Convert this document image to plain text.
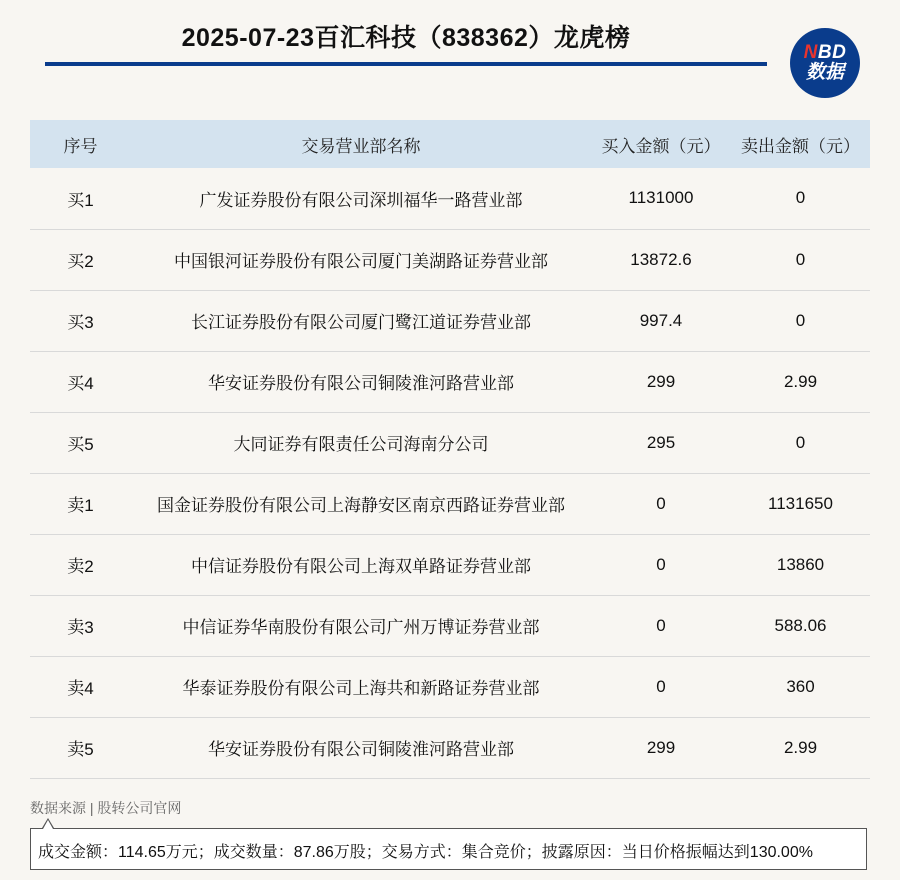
2025-07-23百汇科技（838362）龙虎榜
NBD
数据
序号	交易营业部名称	买入金额（元）	卖出金额（元）
买1	广发证券股份有限公司深圳福华一路营业部	1131000	0
买2	中国银河证券股份有限公司厦门美湖路证券营业部	13872.6	0
买3	长江证券股份有限公司厦门鹭江道证券营业部	997.4	0
买4	华安证券股份有限公司铜陵淮河路营业部	299	2.99
买5	大同证券有限责任公司海南分公司	295	0
卖1	国金证券股份有限公司上海静安区南京西路证券营业部	0	1131650
卖2	中信证券股份有限公司上海双单路证券营业部	0	13860
卖3	中信证券华南股份有限公司广州万博证券营业部	0	588.06
卖4	华泰证券股份有限公司上海共和新路证券营业部	0	360
卖5	华安证券股份有限公司铜陵淮河路营业部	299	2.99
数据来源 | 股转公司官网
成交金额：114.65万元；成交数量：87.86万股；交易方式：集合竞价；披露原因：当日价格振幅达到130.00%
